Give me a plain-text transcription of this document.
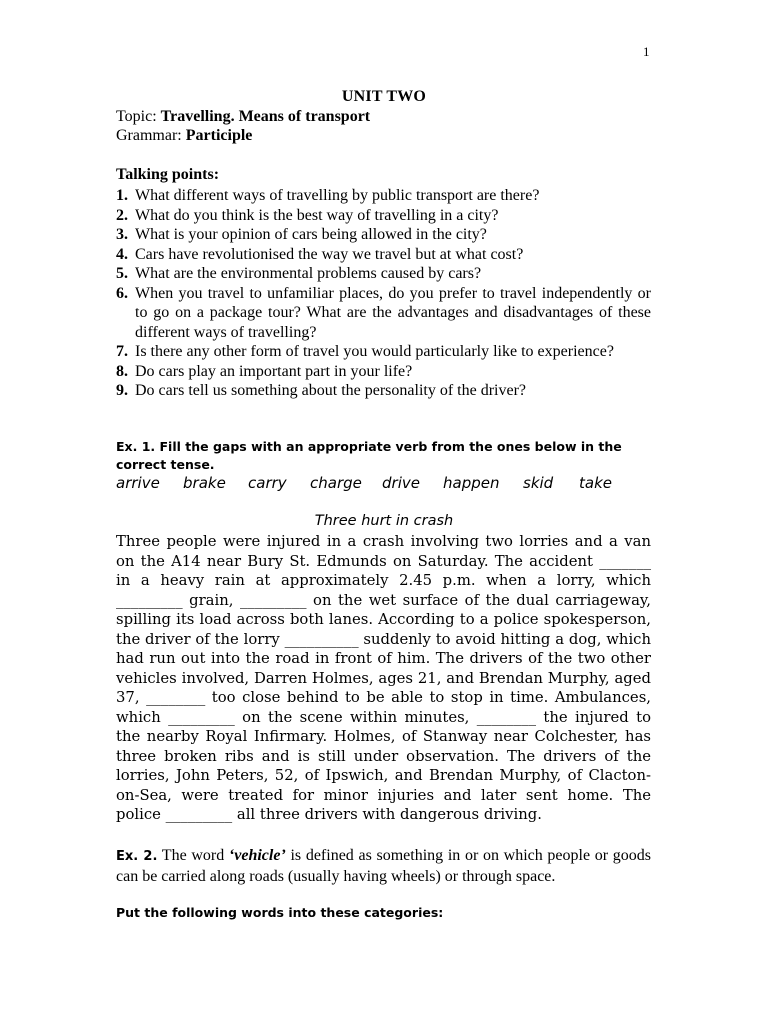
1
UNIT TWO
Topic: Travelling. Means of transport
Grammar: Participle
Talking points:
1. What different ways of travelling by public transport are there?
2. What do you think is the best way of travelling in a city?
3. What is your opinion of cars being allowed in the city?
4. Cars have revolutionised the way we travel but at what cost?
5. What are the environmental problems caused by cars?
6. When you travel to unfamiliar places, do you prefer to travel independently or to go on a package tour? What are the advantages and disadvantages of these different ways of travelling?
7. Is there any other form of travel you would particularly like to experience?
8. Do cars play an important part in your life?
9. Do cars tell us something about the personality of the driver?
Ex. 1. Fill the gaps with an appropriate verb from the ones below in the correct tense.
arrive	brake	carry	charge	drive	happen	skid	take
Three hurt in crash
Three people were injured in a crash involving two lorries and a van on the A14 near Bury St. Edmunds on Saturday. The accident _______ in a heavy rain at approximately 2.45 p.m. when a lorry, which _________ grain, _________ on the wet surface of the dual carriageway, spilling its load across both lanes. According to a police spokesperson, the driver of the lorry __________ suddenly to avoid hitting a dog, which had run out into the road in front of him. The drivers of the two other vehicles involved, Darren Holmes, ages 21, and Brendan Murphy, aged 37, ________ too close behind to be able to stop in time. Ambulances, which _________ on the scene within minutes, ________ the injured to the nearby Royal Infirmary. Holmes, of Stanway near Colchester, has three broken ribs and is still under observation. The drivers of the lorries, John Peters, 52, of Ipswich, and Brendan Murphy, of Clacton-on-Sea, were treated for minor injuries and later sent home. The police _________ all three drivers with dangerous driving.
Ex. 2. The word ‘vehicle’ is defined as something in or on which people or goods can be carried along roads (usually having wheels) or through space.
Put the following words into these categories:
